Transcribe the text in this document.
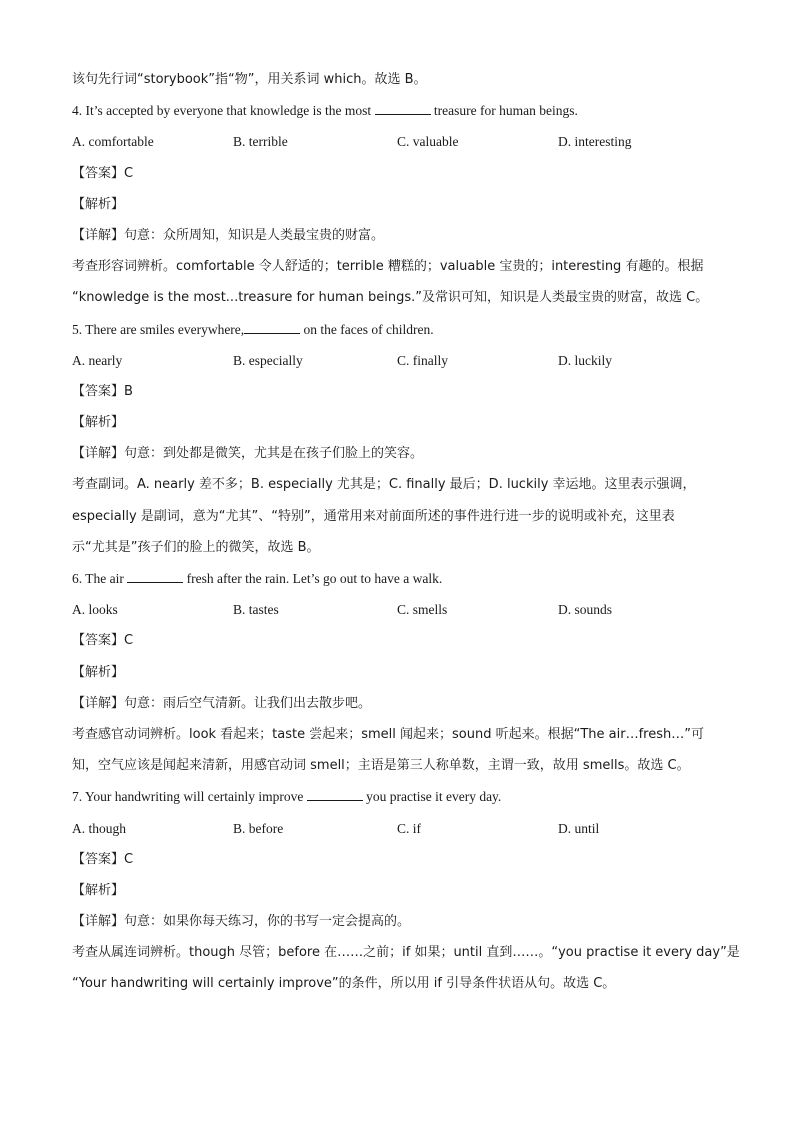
该句先行词“storybook”指“物”，用关系词 which。故选 B。
4. It’s accepted by everyone that knowledge is the most	treasure for human beings.
A. comfortable	B. terrible	C. valuable	D. interesting
【答案】C
【解析】
【详解】句意：众所周知，知识是人类最宝贵的财富。
考查形容词辨析。comfortable 令人舒适的；terrible 糟糕的；valuable 宝贵的；interesting 有趣的。根据
“knowledge is the most...treasure for human beings.”及常识可知，知识是人类最宝贵的财富，故选 C。
5. There are smiles everywhere,	on the faces of children.
A. nearly	B. especially	C. finally	D. luckily
【答案】B
【解析】
【详解】句意：到处都是微笑，尤其是在孩子们脸上的笑容。
考查副词。A. nearly 差不多；B. especially 尤其是；C. finally 最后；D. luckily 幸运地。这里表示强调，
especially 是副词，意为“尤其”、“特别”，通常用来对前面所述的事件进行进一步的说明或补充，这里表
示“尤其是”孩子们的脸上的微笑，故选 B。
6. The air	fresh after the rain. Let’s go out to have a walk.
A. looks	B. tastes	C. smells	D. sounds
【答案】C
【解析】
【详解】句意：雨后空气清新。让我们出去散步吧。
考查感官动词辨析。look 看起来；taste 尝起来；smell 闻起来；sound 听起来。根据“The air…fresh…”可
知，空气应该是闻起来清新，用感官动词 smell；主语是第三人称单数，主谓一致，故用 smells。故选 C。
7. Your handwriting will certainly improve	you practise it every day.
A. though	B. before	C. if	D. until
【答案】C
【解析】
【详解】句意：如果你每天练习，你的书写一定会提高的。
考查从属连词辨析。though 尽管；before 在……之前；if 如果；until 直到……。“you practise it every day”是
“Your handwriting will certainly improve”的条件，所以用 if 引导条件状语从句。故选 C。
